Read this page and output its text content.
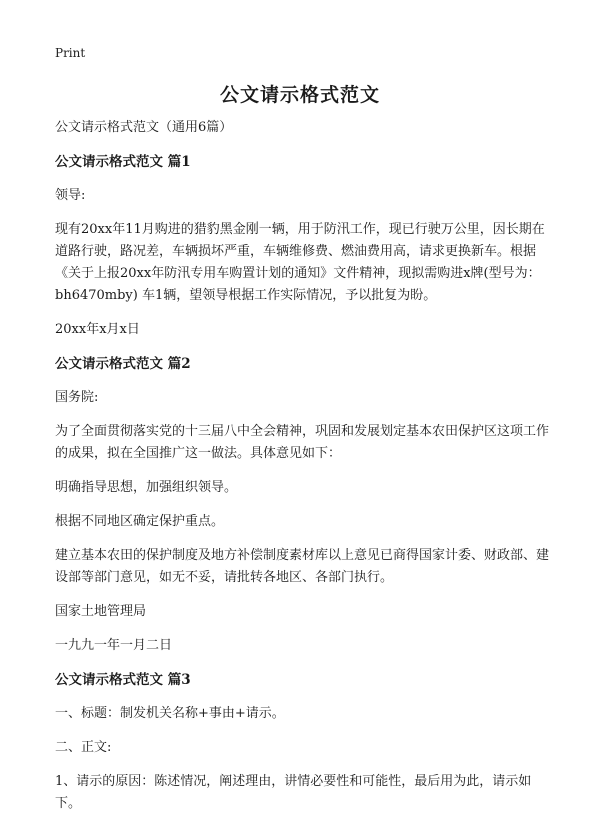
Print
公文请示格式范文

公文请示格式范文（通用6篇）

公文请示格式范文 篇1

领导:

现有20xx年11月购进的猎豹黑金刚一辆，用于防汛工作，现已行驶万公里，因长期在道路行驶，路况差，车辆损坏严重，车辆维修费、燃油费用高，请求更换新车。根据《关于上报20xx年防汛专用车购置计划的通知》文件精神，现拟需购进x牌(型号为：bh6470mby) 车1辆，望领导根据工作实际情况，予以批复为盼。

20xx年x月x日

公文请示格式范文 篇2

国务院:

为了全面贯彻落实党的十三届八中全会精神，巩固和发展划定基本农田保护区这项工作的成果，拟在全国推广这一做法。具体意见如下：

明确指导思想，加强组织领导。

根据不同地区确定保护重点。

建立基本农田的保护制度及地方补偿制度素材库以上意见已商得国家计委、财政部、建设部等部门意见，如无不妥，请批转各地区、各部门执行。

国家土地管理局

一九九一年一月二日

公文请示格式范文 篇3

一、标题：制发机关名称+事由+请示。

二、正文:

1、请示的原因：陈述情况，阐述理由，讲情必要性和可能性，最后用为此，请示如下。
